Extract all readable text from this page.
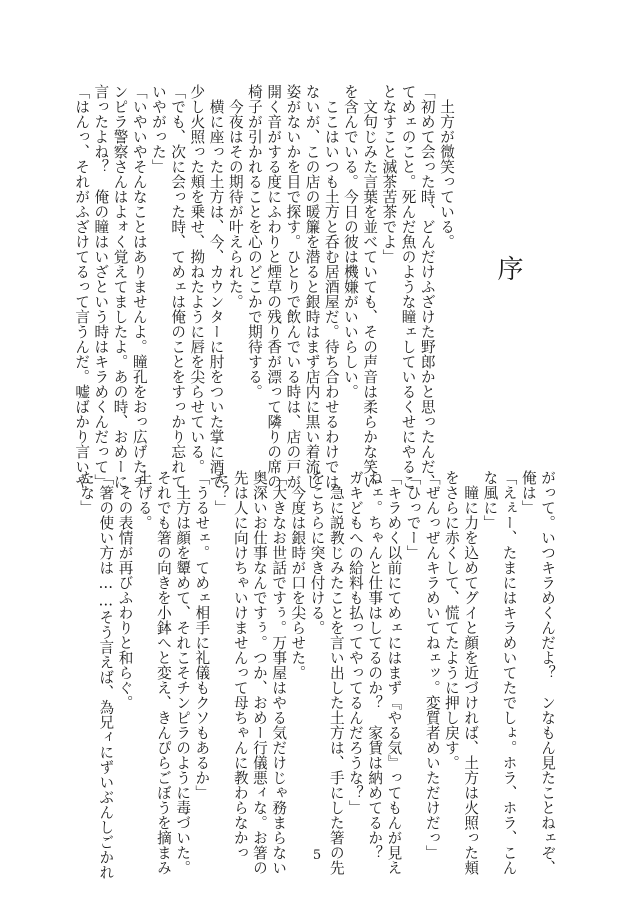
序
　土方が微笑っている。
「初めて会った時、どんだけふざけた野郎かと思ったんだ、
てめェのこと。死んだ魚のような瞳ェしているくせにやるこ
となすこと滅茶苦茶でよ」
　文句じみた言葉を並べていても、その声音は柔らかな笑い
を含んでいる。今日の彼は機嫌がいいらしい。
　ここはいつも土方と呑む居酒屋だ。待ち合わせるわけでは
ないが、この店の暖簾を潜ると銀時はまず店内に黒い着流し
姿がないかを目で探す。ひとりで飲んでいる時は、店の戸が
開く音がする度にふわりと煙草の残り香が漂って隣りの席の
椅子が引かれることを心のどこかで期待する。
　今夜はその期待が叶えられた。
　横に座った土方は、今、カウンターに肘をついた掌に酒で
少し火照った頬を乗せ、拗ねたように唇を尖らせている。
「でも、次に会った時、てめェは俺のことをすっかり忘れて
いやがった」
「いやいやそんなことはありませんよ。瞳孔をおっ広げたチ
ンピラ警察さんはよォく覚えてましたよ。あの時、おめーに
言ったよね？　俺の瞳はいざという時はキラめくんだって」
「はんっ、それがふざけてるって言うんだ。嘘ばかり言いや
がって。いつキラめくんだよ？　ンなもん見たことねェぞ、
俺は」
「えぇー、たまにはキラめいてたでしょ。ホラ、ホラ、こん
な風に」
　瞳に力を込めてグイと顔を近づければ、土方は火照った頬
をさらに赤くして、慌てたように押し戻す。
「ぜんっぜんキラめいてねェッ。変質者めいただけだっ」
「ひっでー」
「キラめく以前にてめェにはまず『やる気』ってもんが見え
ねェ。ちゃんと仕事はしてるのか？　家賃は納めてるか？
ガキどもへの給料も払ってやってるんだろうな？」
　急に説教じみたことを言い出した土方は、手にした箸の先
をこちらに突き付ける。
　今度は銀時が口を尖らせた。
「大きなお世話ですぅ。万事屋はやる気だけじゃ務まらない
奥深いお仕事なんですぅ。つか、おめー行儀悪ィな。お箸の
先は人に向けちゃいけませんって母ちゃんに教わらなかっ
た？」
「うるせェ。てめェ相手に礼儀もクソもあるか」
　土方は顔を顰めて、それこそチンピラのように毒づいた。
それでも箸の向きを小鉢へと変え、きんぴらごぼうを摘まみ
上げる。
　その表情が再びふわりと和らぐ。
「箸の使い方は……そう言えば、為兄ィにずいぶんしごかれ
たな」
5
